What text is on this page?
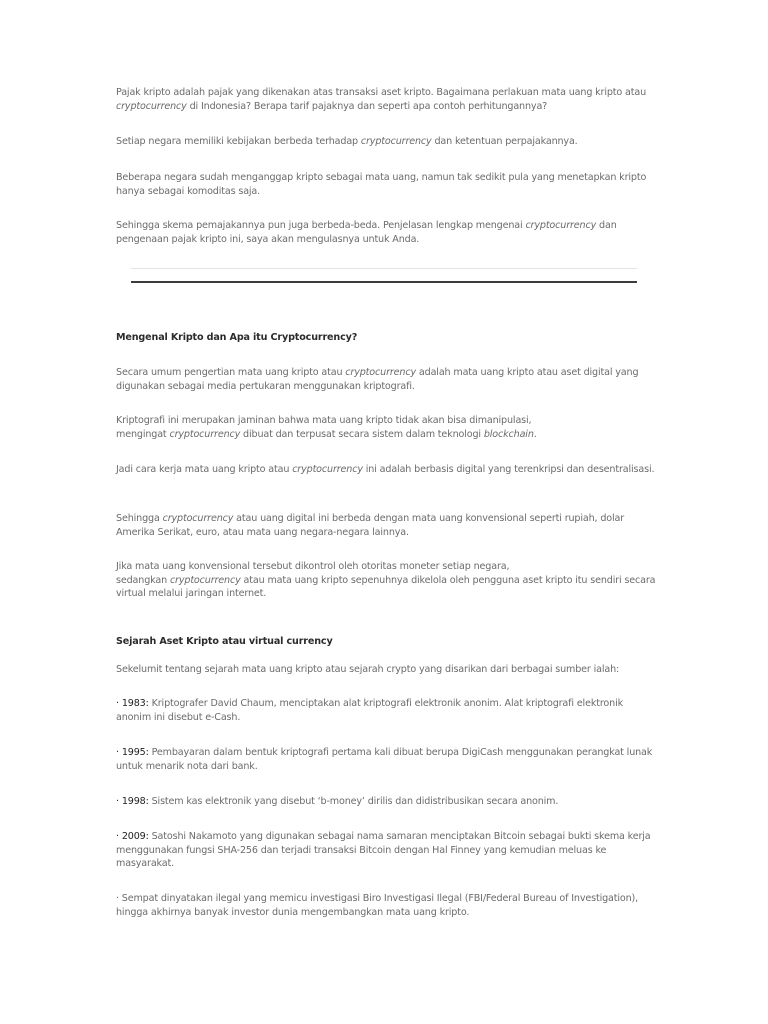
Pajak kripto adalah pajak yang dikenakan atas transaksi aset kripto. Bagaimana perlakuan mata uang kripto atau cryptocurrency di Indonesia? Berapa tarif pajaknya dan seperti apa contoh perhitungannya?

Setiap negara memiliki kebijakan berbeda terhadap cryptocurrency dan ketentuan perpajakannya.

Beberapa negara sudah menganggap kripto sebagai mata uang, namun tak sedikit pula yang menetapkan kripto hanya sebagai komoditas saja.

Sehingga skema pemajakannya pun juga berbeda-beda. Penjelasan lengkap mengenai cryptocurrency dan pengenaan pajak kripto ini, saya akan mengulasnya untuk Anda.

Mengenal Kripto dan Apa itu Cryptocurrency?

Secara umum pengertian mata uang kripto atau cryptocurrency adalah mata uang kripto atau aset digital yang digunakan sebagai media pertukaran menggunakan kriptografi.

Kriptografi ini merupakan jaminan bahwa mata uang kripto tidak akan bisa dimanipulasi,
mengingat cryptocurrency dibuat dan terpusat secara sistem dalam teknologi blockchain.

Jadi cara kerja mata uang kripto atau cryptocurrency ini adalah berbasis digital yang terenkripsi dan desentralisasi.

Sehingga cryptocurrency atau uang digital ini berbeda dengan mata uang konvensional seperti rupiah, dolar Amerika Serikat, euro, atau mata uang negara-negara lainnya.

Jika mata uang konvensional tersebut dikontrol oleh otoritas moneter setiap negara,
sedangkan cryptocurrency atau mata uang kripto sepenuhnya dikelola oleh pengguna aset kripto itu sendiri secara virtual melalui jaringan internet.

Sejarah Aset Kripto atau virtual currency

Sekelumit tentang sejarah mata uang kripto atau sejarah crypto yang disarikan dari berbagai sumber ialah:

· 1983: Kriptografer David Chaum, menciptakan alat kriptografi elektronik anonim. Alat kriptografi elektronik anonim ini disebut e-Cash.

· 1995: Pembayaran dalam bentuk kriptografi pertama kali dibuat berupa DigiCash menggunakan perangkat lunak untuk menarik nota dari bank.

· 1998: Sistem kas elektronik yang disebut ‘b-money’ dirilis dan didistribusikan secara anonim.

· 2009: Satoshi Nakamoto yang digunakan sebagai nama samaran menciptakan Bitcoin sebagai bukti skema kerja menggunakan fungsi SHA-256 dan terjadi transaksi Bitcoin dengan Hal Finney yang kemudian meluas ke masyarakat.

· Sempat dinyatakan ilegal yang memicu investigasi Biro Investigasi Ilegal (FBI/Federal Bureau of Investigation), hingga akhirnya banyak investor dunia mengembangkan mata uang kripto.
